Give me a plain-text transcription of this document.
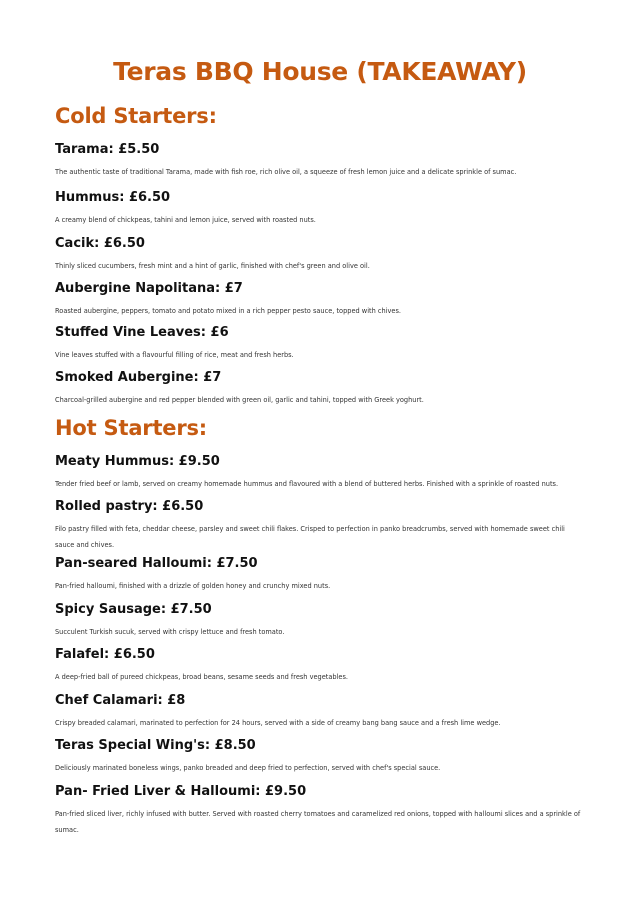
Teras BBQ House (TAKEAWAY)
Cold Starters:

Tarama: £5.50

The authentic taste of traditional Tarama, made with fish roe, rich olive oil, a squeeze of fresh lemon juice and a delicate sprinkle of sumac.

Hummus: £6.50

A creamy blend of chickpeas, tahini and lemon juice, served with roasted nuts.

Cacik: £6.50

Thinly sliced cucumbers, fresh mint and a hint of garlic, finished with chef's green and olive oil.

Aubergine Napolitana: £7

Roasted aubergine, peppers, tomato and potato mixed in a rich pepper pesto sauce, topped with chives.

Stuffed Vine Leaves: £6

Vine leaves stuffed with a flavourful filling of rice, meat and fresh herbs.

Smoked Aubergine: £7

Charcoal-grilled aubergine and red pepper blended with green oil, garlic and tahini, topped with Greek yoghurt.

Hot Starters:

Meaty Hummus: £9.50

Tender fried beef or lamb, served on creamy homemade hummus and flavoured with a blend of buttered herbs. Finished with a sprinkle of roasted nuts.

Rolled pastry: £6.50

Filo pastry filled with feta, cheddar cheese, parsley and sweet chili flakes. Crisped to perfection in panko breadcrumbs, served with homemade sweet chili sauce and chives.

Pan-seared Halloumi: £7.50

Pan-fried halloumi, finished with a drizzle of golden honey and crunchy mixed nuts.

Spicy Sausage: £7.50

Succulent Turkish sucuk, served with crispy lettuce and fresh tomato.

Falafel: £6.50

A deep-fried ball of pureed chickpeas, broad beans, sesame seeds and fresh vegetables.

Chef Calamari: £8

Crispy breaded calamari, marinated to perfection for 24 hours, served with a side of creamy bang bang sauce and a fresh lime wedge.

Teras Special Wing's: £8.50

Deliciously marinated boneless wings, panko breaded and deep fried to perfection, served with chef's special sauce.

Pan- Fried Liver & Halloumi: £9.50

Pan-fried sliced liver, richly infused with butter. Served with roasted cherry tomatoes and caramelized red onions, topped with halloumi slices and a sprinkle of sumac.
